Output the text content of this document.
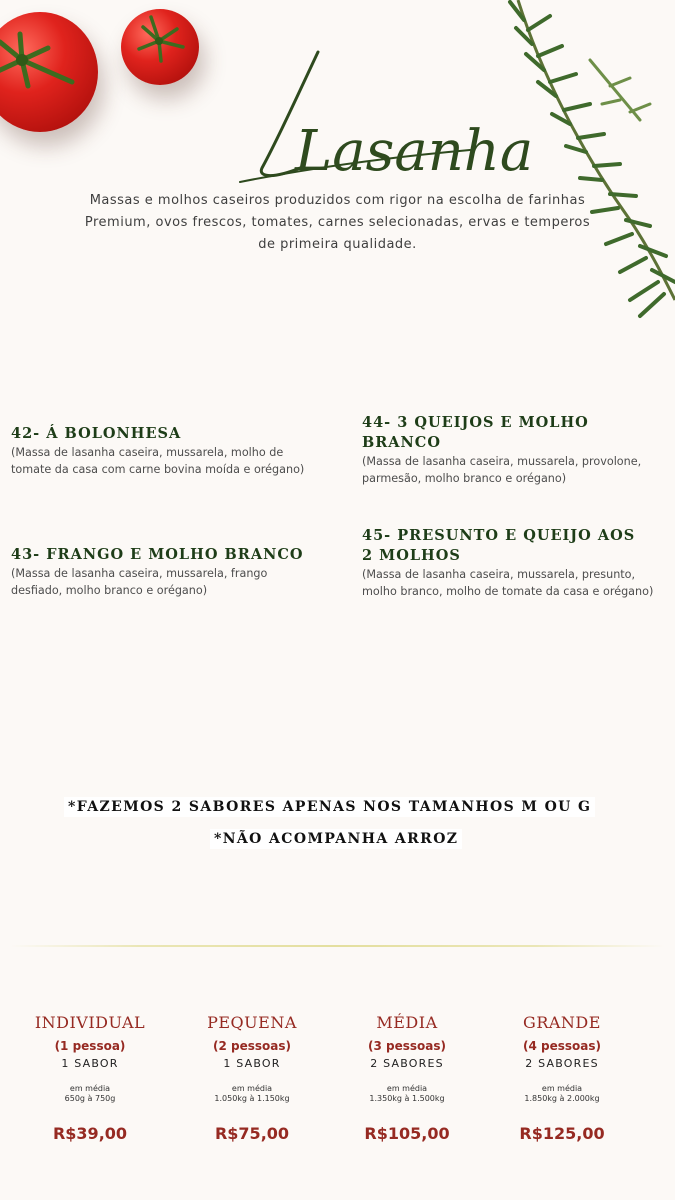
Lasanha
Massas e molhos caseiros produzidos com rigor na escolha de farinhas Premium, ovos frescos, tomates, carnes selecionadas, ervas e temperos de primeira qualidade.
42- Á BOLONHESA
(Massa de lasanha caseira, mussarela, molho de tomate da casa com carne bovina moída e orégano)
43- FRANGO E MOLHO BRANCO
(Massa de lasanha caseira, mussarela, frango desfiado, molho branco e orégano)
44- 3 QUEIJOS E MOLHO BRANCO
(Massa de lasanha caseira, mussarela, provolone, parmesão, molho branco e orégano)
45- PRESUNTO E QUEIJO AOS 2 MOLHOS
(Massa de lasanha caseira, mussarela, presunto, molho branco, molho de tomate da casa e orégano)
*FAZEMOS 2 SABORES APENAS NOS TAMANHOS M OU G
*NÃO ACOMPANHA ARROZ
INDIVIDUAL
(1 pessoa)
1 SABOR
em média
650g à 750g
R$39,00
PEQUENA
(2 pessoas)
1 SABOR
em média
1.050kg à 1.150kg
R$75,00
MÉDIA
(3 pessoas)
2 SABORES
em média
1.350kg à 1.500kg
R$105,00
GRANDE
(4 pessoas)
2 SABORES
em média
1.850kg à 2.000kg
R$125,00
